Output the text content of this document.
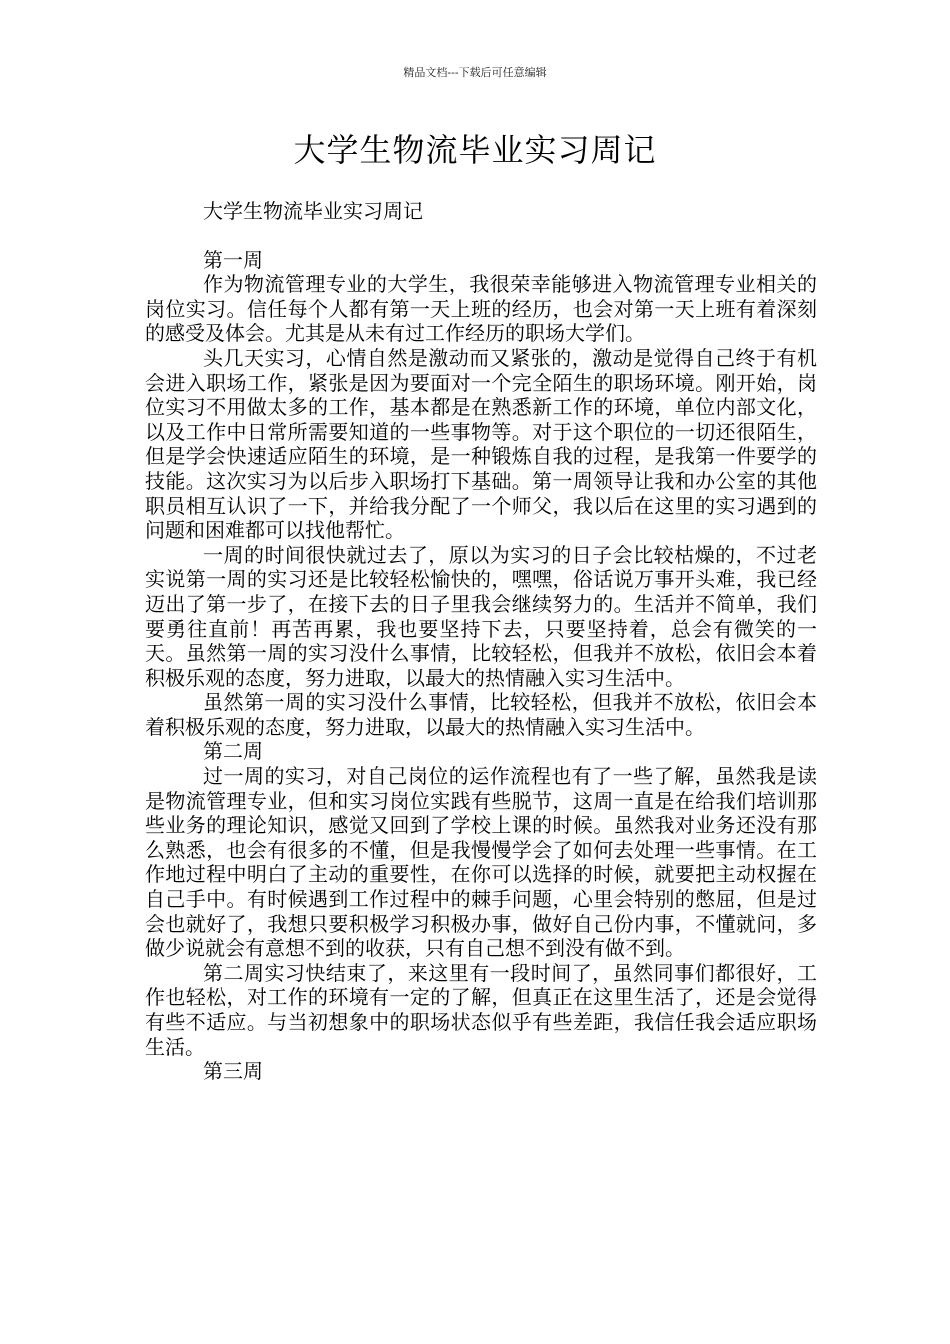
精品文档---下载后可任意编辑
大学生物流毕业实习周记

大学生物流毕业实习周记

第一周

作为物流管理专业的大学生，我很荣幸能够进入物流管理专业相关的岗位实习。信任每个人都有第一天上班的经历，也会对第一天上班有着深刻的感受及体会。尤其是从未有过工作经历的职场大学们。

头几天实习，心情自然是激动而又紧张的，激动是觉得自己终于有机会进入职场工作，紧张是因为要面对一个完全陌生的职场环境。刚开始，岗位实习不用做太多的工作，基本都是在熟悉新工作的环境，单位内部文化，以及工作中日常所需要知道的一些事物等。对于这个职位的一切还很陌生，但是学会快速适应陌生的环境，是一种锻炼自我的过程，是我第一件要学的技能。这次实习为以后步入职场打下基础。第一周领导让我和办公室的其他职员相互认识了一下，并给我分配了一个师父，我以后在这里的实习遇到的问题和困难都可以找他帮忙。

一周的时间很快就过去了，原以为实习的日子会比较枯燥的，不过老实说第一周的实习还是比较轻松愉快的，嘿嘿，俗话说万事开头难，我已经迈出了第一步了，在接下去的日子里我会继续努力的。生活并不简单，我们要勇往直前！再苦再累，我也要坚持下去，只要坚持着，总会有微笑的一天。虽然第一周的实习没什么事情，比较轻松，但我并不放松，依旧会本着积极乐观的态度，努力进取，以最大的热情融入实习生活中。

虽然第一周的实习没什么事情，比较轻松，但我并不放松，依旧会本着积极乐观的态度，努力进取，以最大的热情融入实习生活中。

第二周

过一周的实习，对自己岗位的运作流程也有了一些了解，虽然我是读是物流管理专业，但和实习岗位实践有些脱节，这周一直是在给我们培训那些业务的理论知识，感觉又回到了学校上课的时候。虽然我对业务还没有那么熟悉，也会有很多的不懂，但是我慢慢学会了如何去处理一些事情。在工作地过程中明白了主动的重要性，在你可以选择的时候，就要把主动权握在自己手中。有时候遇到工作过程中的棘手问题，心里会特别的憋屈，但是过会也就好了，我想只要积极学习积极办事，做好自己份内事，不懂就问，多做少说就会有意想不到的收获，只有自己想不到没有做不到。

第二周实习快结束了，来这里有一段时间了，虽然同事们都很好，工作也轻松，对工作的环境有一定的了解，但真正在这里生活了，还是会觉得有些不适应。与当初想象中的职场状态似乎有些差距，我信任我会适应职场生活。

第三周
